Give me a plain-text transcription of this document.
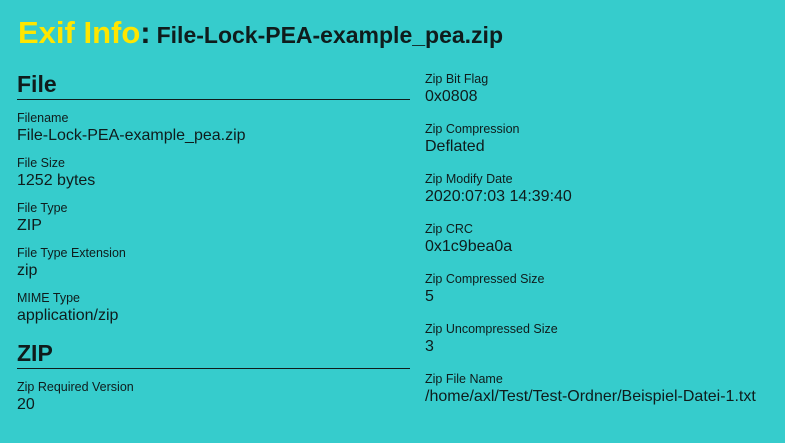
Exif Info: File-Lock-PEA-example_pea.zip
File
Filename
File-Lock-PEA-example_pea.zip
File Size
1252 bytes
File Type
ZIP
File Type Extension
zip
MIME Type
application/zip
ZIP
Zip Required Version
20
Zip Bit Flag
0x0808
Zip Compression
Deflated
Zip Modify Date
2020:07:03 14:39:40
Zip CRC
0x1c9bea0a
Zip Compressed Size
5
Zip Uncompressed Size
3
Zip File Name
/home/axl/Test/Test-Ordner/Beispiel-Datei-1.txt
